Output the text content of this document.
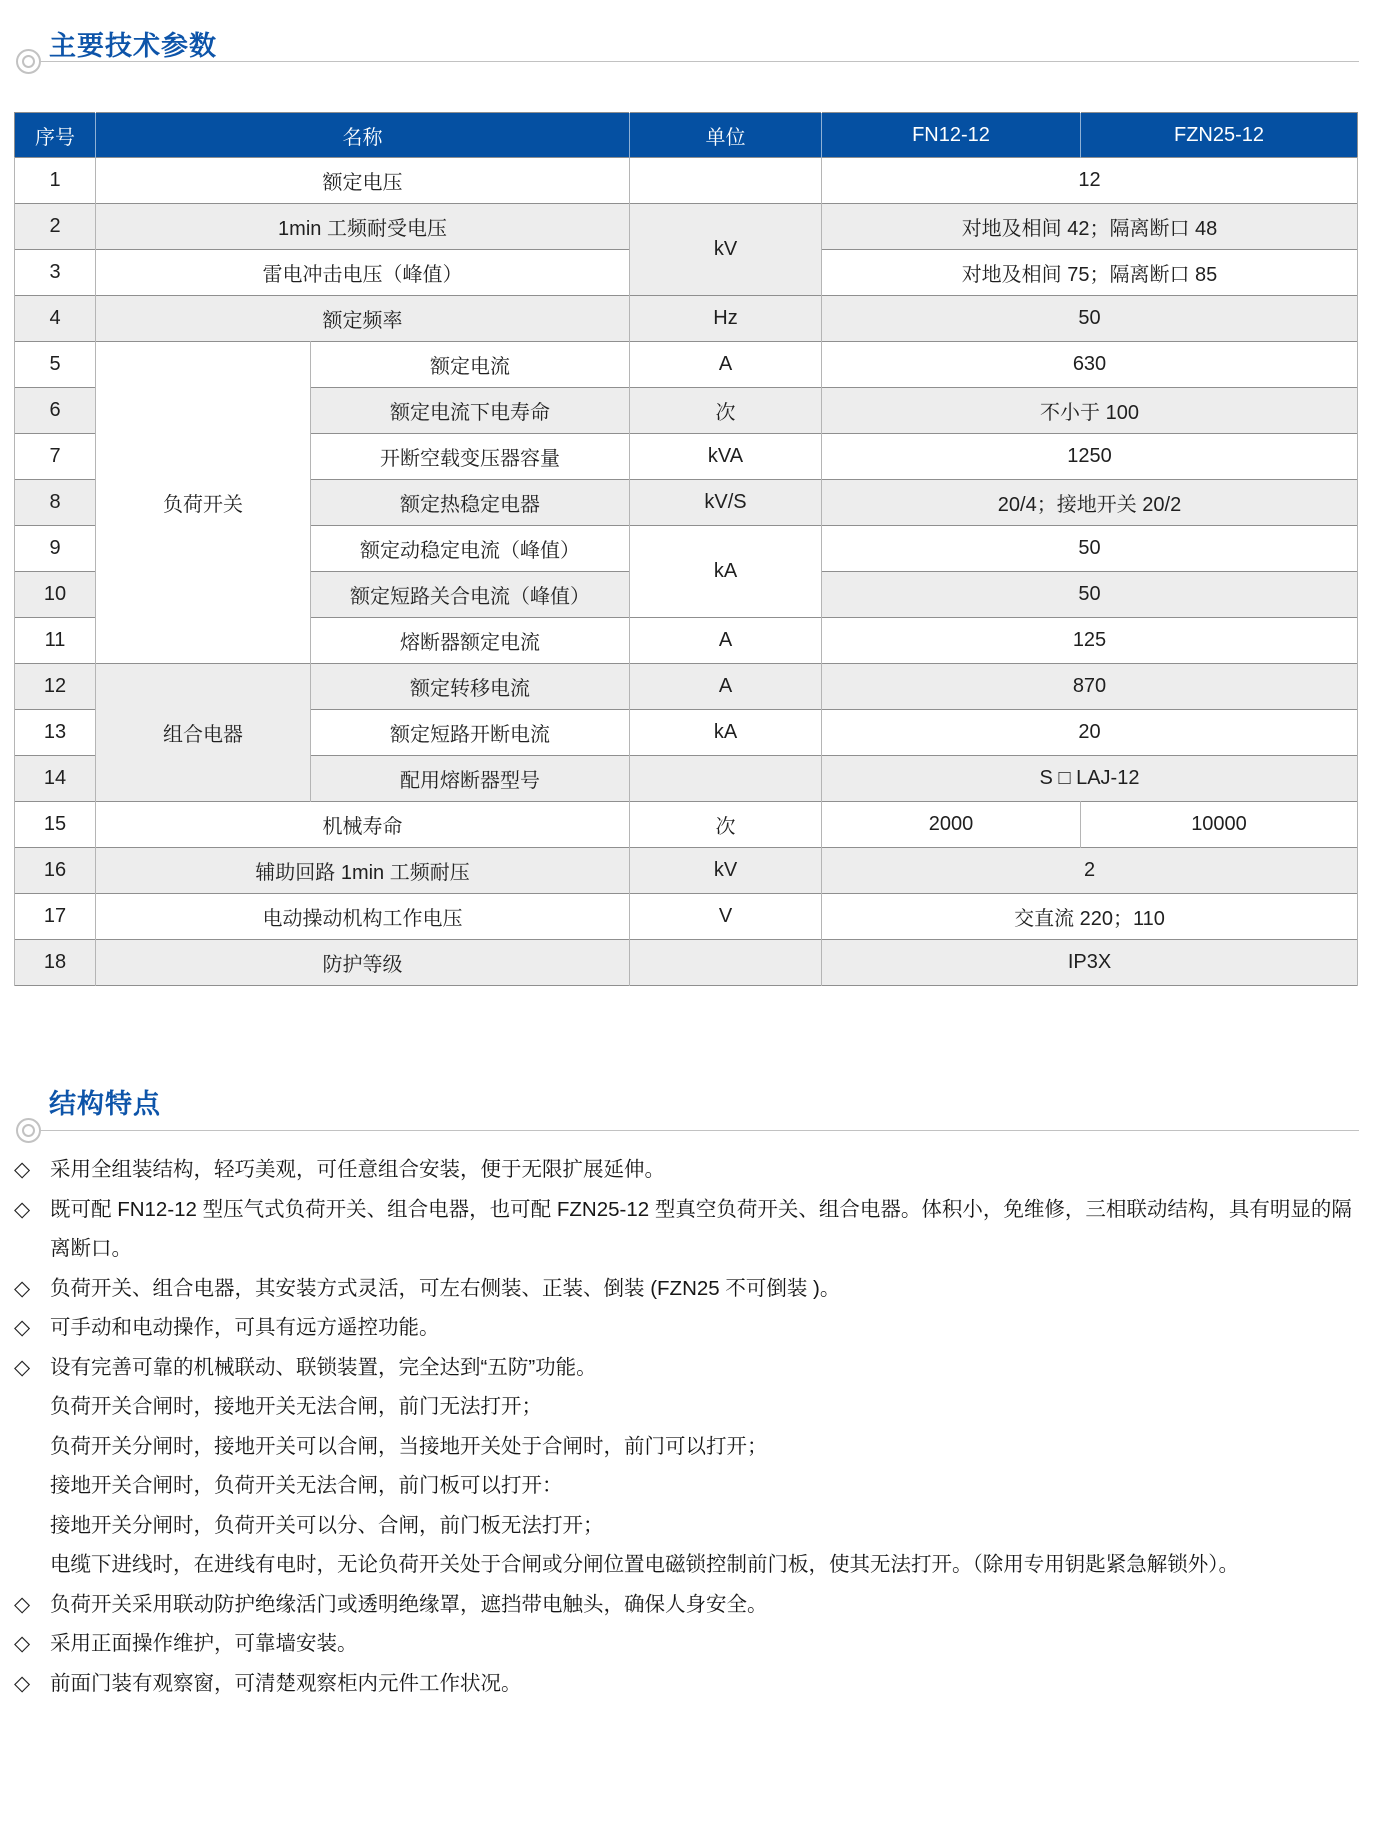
主要技术参数
序号	名称		单位	FN12-12	FZN25-12
1	额定电压			12	
2	1min 工频耐受电压		kV	对地及相间 42；隔离断口 48	
3	雷电冲击电压（峰值）			对地及相间 75；隔离断口 85	
4	额定频率		Hz	50	
5	负荷开关	额定电流	A	630	
6		额定电流下电寿命	次	不小于 100	
7		开断空载变压器容量	kVA	1250	
8		额定热稳定电器	kV/S	20/4；接地开关 20/2	
9		额定动稳定电流（峰值）	kA	50	
10		额定短路关合电流（峰值）		50	
11		熔断器额定电流	A	125	
12	组合电器	额定转移电流	A	870	
13		额定短路开断电流	kA	20	
14		配用熔断器型号		S □ LAJ-12	
15	机械寿命		次	2000	10000
16	辅助回路 1min 工频耐压		kV	2	
17	电动操动机构工作电压		V	交直流 220；110	
18	防护等级			IP3X	
结构特点
◇ 采用全组装结构，轻巧美观，可任意组合安装，便于无限扩展延伸。
◇ 既可配 FN12-12 型压气式负荷开关、组合电器，也可配 FZN25-12 型真空负荷开关、组合电器。体积小，免维修，三相联动结构，具有明显的隔离断口。
◇ 负荷开关、组合电器，其安装方式灵活，可左右侧装、正装、倒装 (FZN25 不可倒装 )。
◇ 可手动和电动操作，可具有远方遥控功能。
◇ 设有完善可靠的机械联动、联锁装置，完全达到“五防”功能。
负荷开关合闸时，接地开关无法合闸，前门无法打开；
负荷开关分闸时，接地开关可以合闸，当接地开关处于合闸时，前门可以打开；
接地开关合闸时，负荷开关无法合闸，前门板可以打开：
接地开关分闸时，负荷开关可以分、合闸，前门板无法打开；
电缆下进线时，在进线有电时，无论负荷开关处于合闸或分闸位置电磁锁控制前门板，使其无法打开。（除用专用钥匙紧急解锁外）。
◇ 负荷开关采用联动防护绝缘活门或透明绝缘罩，遮挡带电触头，确保人身安全。
◇ 采用正面操作维护，可靠墙安装。
◇ 前面门装有观察窗，可清楚观察柜内元件工作状况。
